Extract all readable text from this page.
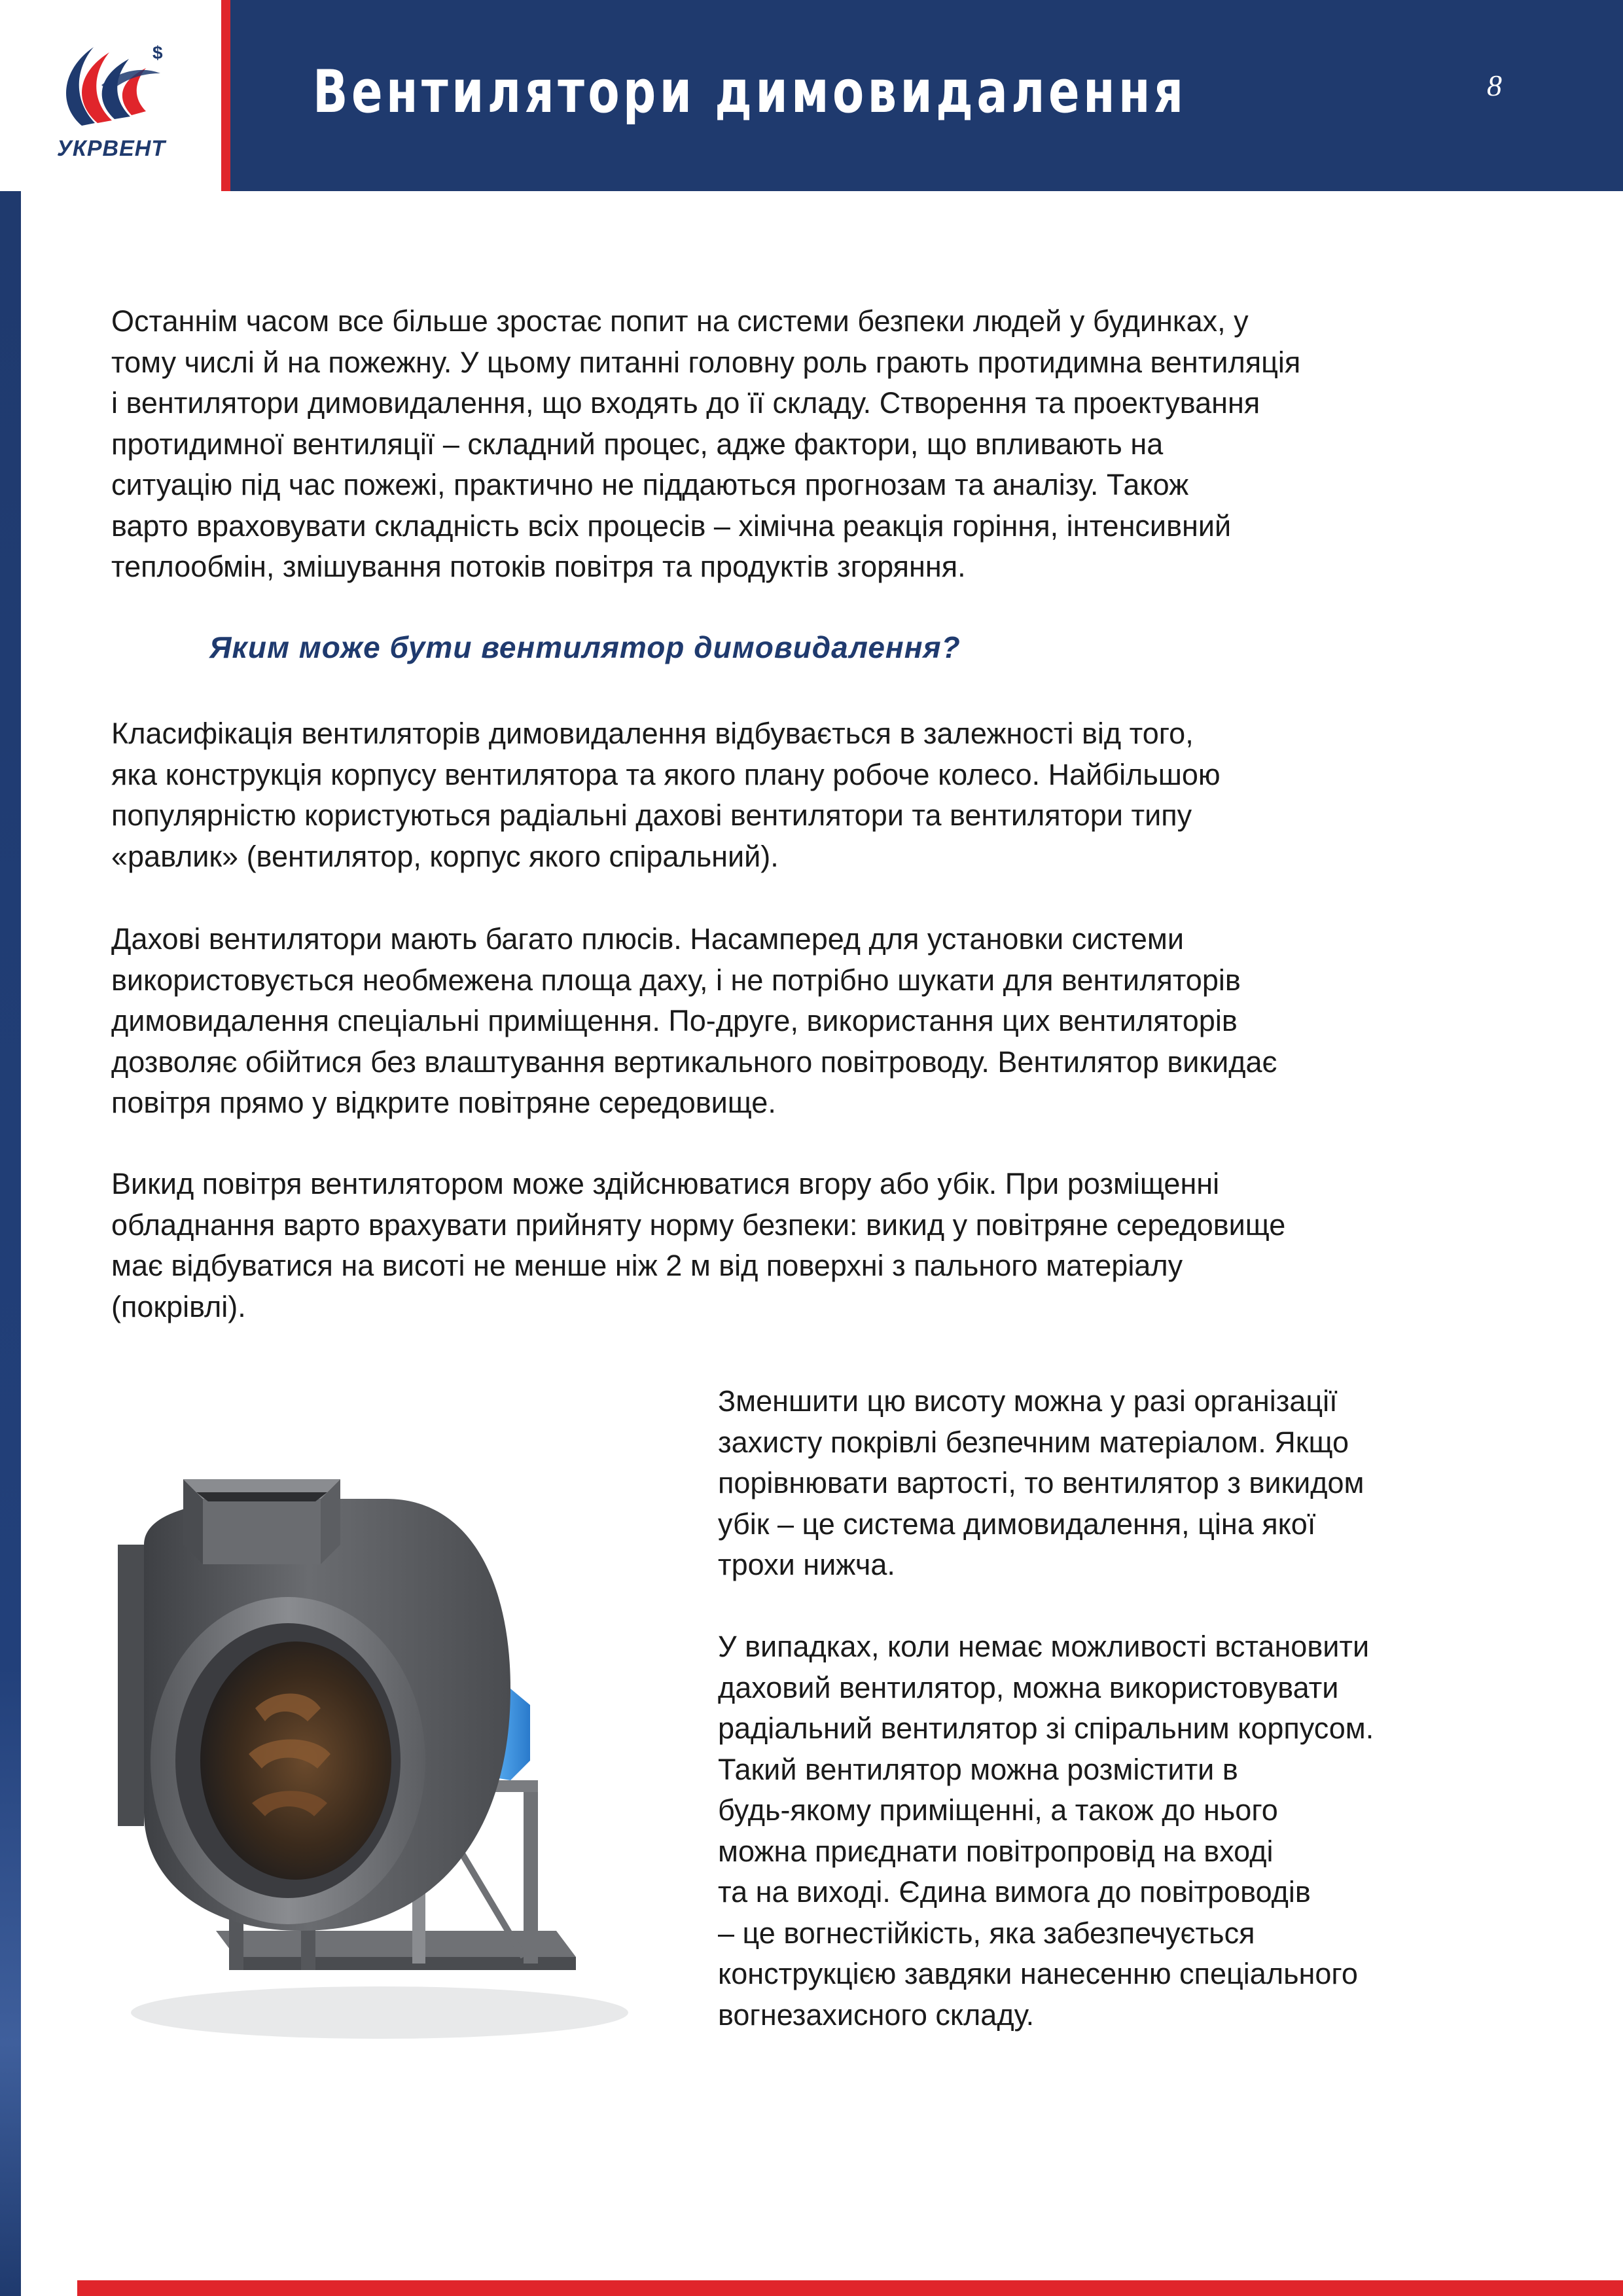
$
УКРВЕНТ
Вентилятори димовидалення	8
Останнім часом все більше зростає попит на системи безпеки людей у будинках, у
тому числі й на пожежну. У цьому питанні головну роль грають протидимна вентиляція
і вентилятори димовидалення, що входять до її складу. Створення та проектування
протидимної вентиляції – складний процес, адже фактори, що впливають на
ситуацію під час пожежі, практично не піддаються прогнозам та аналізу. Також
варто враховувати складність всіх процесів – хімічна реакція горіння, інтенсивний
теплообмін, змішування потоків повітря та продуктів згоряння.
Яким може бути вентилятор димовидалення?
Класифікація вентиляторів димовидалення відбувається в залежності від того,
яка конструкція корпусу вентилятора та якого плану робоче колесо. Найбільшою
популярністю користуються радіальні дахові вентилятори та вентилятори типу
«равлик» (вентилятор, корпус якого спіральний).
Дахові вентилятори мають багато плюсів. Насамперед для установки системи
використовується необмежена площа даху, і не потрібно шукати для вентиляторів
димовидалення спеціальні приміщення. По-друге, використання цих вентиляторів
дозволяє обійтися без влаштування вертикального повітроводу. Вентилятор викидає
повітря прямо у відкрите повітряне середовище.
Викид повітря вентилятором може здійснюватися вгору або убік. При розміщенні
обладнання варто врахувати прийняту норму безпеки: викид у повітряне середовище
має відбуватися на висоті не менше ніж 2 м від поверхні з пального матеріалу
(покрівлі).
Зменшити цю висоту можна у разі організації
захисту покрівлі безпечним матеріалом. Якщо
порівнювати вартості, то вентилятор з викидом
убік – це система димовидалення, ціна якої
трохи нижча.
У випадках, коли немає можливості встановити
даховий вентилятор, можна використовувати
радіальний вентилятор зі спіральним корпусом.
Такий вентилятор можна розмістити в
будь-якому приміщенні, а також до нього
можна приєднати повітропровід на вході
та на виході. Єдина вимога до повітроводів
– це вогнестійкість, яка забезпечується
конструкцією завдяки нанесенню спеціального
вогнезахисного складу.
